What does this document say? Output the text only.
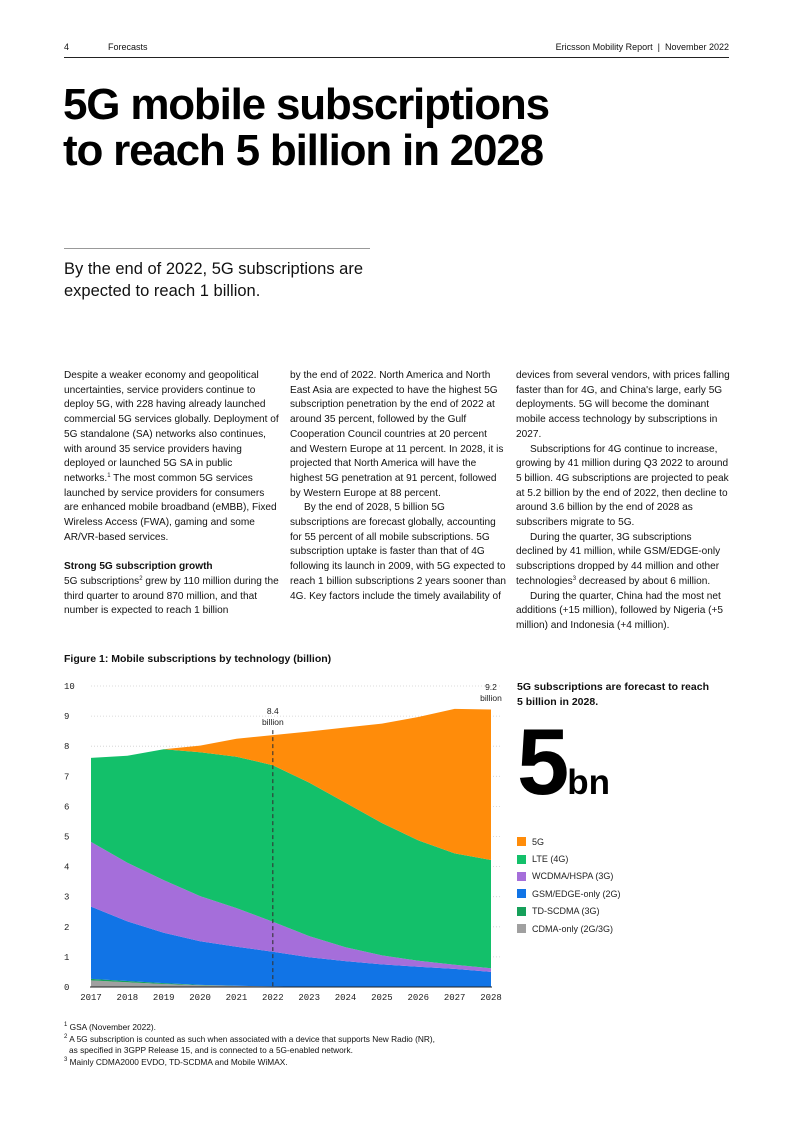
4	Forecasts	Ericsson Mobility Report  |  November 2022
5G mobile subscriptions
to reach 5 billion in 2028

By the end of 2022, 5G subscriptions are expected to reach 1 billion.

Despite a weaker economy and geopolitical uncertainties, service providers continue to deploy 5G, with 228 having already launched commercial 5G services globally. Deployment of 5G standalone (SA) networks also continues, with around 35 service providers having deployed or launched 5G SA in public networks.$^1$ The most common 5G services launched by service providers for consumers are enhanced mobile broadband (eMBB), Fixed Wireless Access (FWA), gaming and some AR/VR-based services.

Strong 5G subscription growth

5G subscriptions$^2$ grew by 110 million during the third quarter to around 870 million, and that number is expected to reach 1 billion

by the end of 2022. North America and North East Asia are expected to have the highest 5G subscription penetration by the end of 2022 at around 35 percent, followed by the Gulf Cooperation Council countries at 20 percent and Western Europe at 11 percent. In 2028, it is projected that North America will have the highest 5G penetration at 91 percent, followed by Western Europe at 88 percent.

By the end of 2028, 5 billion 5G subscriptions are forecast globally, accounting for 55 percent of all mobile subscriptions. 5G subscription uptake is faster than that of 4G following its launch in 2009, with 5G expected to reach 1 billion subscriptions 2 years sooner than 4G. Key factors include the timely availability of

devices from several vendors, with prices falling faster than for 4G, and China's large, early 5G deployments. 5G will become the dominant mobile access technology by subscriptions in 2027.

Subscriptions for 4G continue to increase, growing by 41 million during Q3 2022 to around 5 billion. 4G subscriptions are projected to peak at 5.2 billion by the end of 2022, then decline to around 3.6 billion by the end of 2028 as subscribers migrate to 5G.

During the quarter, 3G subscriptions declined by 41 million, while GSM/EDGE-only subscriptions dropped by 44 million and other technologies$^3$ decreased by about 6 million.

During the quarter, China had the most net additions (+15 million), followed by Nigeria (+5 million) and Indonesia (+4 million).

Figure 1: Mobile subscriptions by technology (billion)

0
1
2
3
4
5
6
7
8
9
10
2017 2018 2019 2020 2021 2022 2023 2024 2025 2026 2027 2028
8.4
billion
9.2
billion

5G subscriptions are forecast to reach 5 billion in 2028.

5bn
5G
LTE (4G)
WCDMA/HSPA (3G)
GSM/EDGE-only (2G)
TD-SCDMA (3G)
CDMA-only (2G/3G)

$^1$ GSA (November 2022).

$^2$ A 5G subscription is counted as such when associated with a device that supports New Radio (NR),

as specified in 3GPP Release 15, and is connected to a 5G-enabled network.

$^3$ Mainly CDMA2000 EVDO, TD-SCDMA and Mobile WiMAX.
